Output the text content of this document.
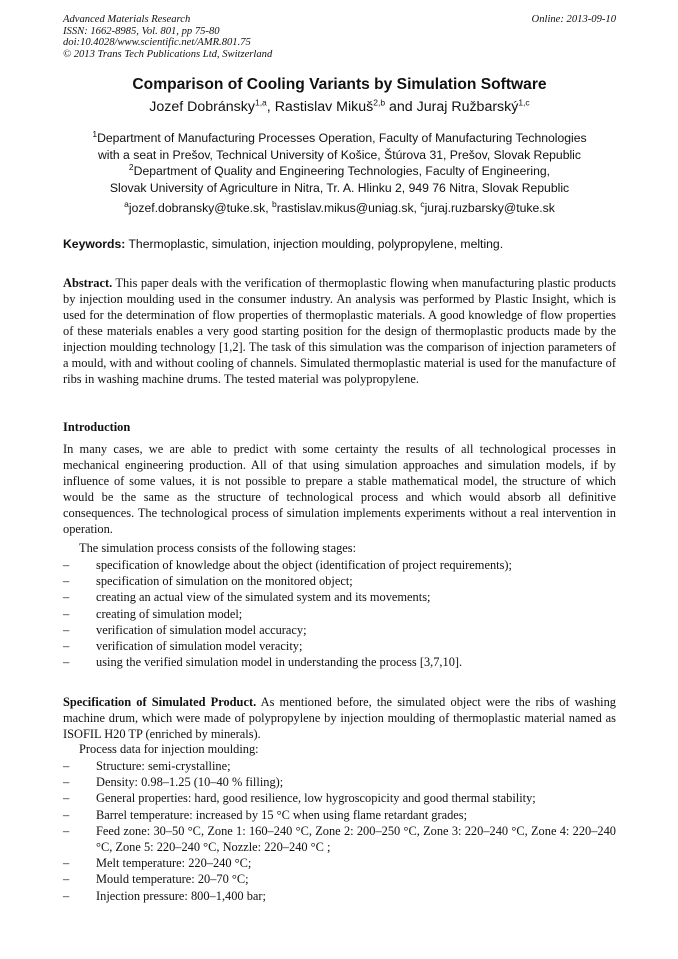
Advanced Materials Research
ISSN: 1662-8985, Vol. 801, pp 75-80
doi:10.4028/www.scientific.net/AMR.801.75
© 2013 Trans Tech Publications Ltd, Switzerland
Online: 2013-09-10
Comparison of Cooling Variants by Simulation Software
Jozef Dobránsky$^{1,a}$, Rastislav Mikuš$^{2,b}$ and Juraj Ružbarský$^{1,c}$
$^1$Department of Manufacturing Processes Operation, Faculty of Manufacturing Technologies
with a seat in Prešov, Technical University of Košice, Štúrova 31, Prešov, Slovak Republic
$^2$Department of Quality and Engineering Technologies, Faculty of Engineering,
Slovak University of Agriculture in Nitra, Tr. A. Hlinku 2, 949 76 Nitra, Slovak Republic
$^a$jozef.dobransky@tuke.sk, $^b$rastislav.mikus@uniag.sk, $^c$juraj.ruzbarsky@tuke.sk
Keywords: Thermoplastic, simulation, injection moulding, polypropylene, melting.
Abstract. This paper deals with the verification of thermoplastic flowing when manufacturing plastic products by injection moulding used in the consumer industry. An analysis was performed by Plastic Insight, which is used for the determination of flow properties of thermoplastic materials. A good knowledge of flow properties of these materials enables a very good starting position for the design of thermoplastic products made by the injection moulding technology [1,2]. The task of this simulation was the comparison of injection parameters of a mould, with and without cooling of channels. Simulated thermoplastic material is used for the manufacture of ribs in washing machine drums. The tested material was polypropylene.
Introduction
In many cases, we are able to predict with some certainty the results of all technological processes in mechanical engineering production. All of that using simulation approaches and simulation models, if by influence of some values, it is not possible to prepare a stable mathematical model, the structure of which would be the same as the structure of technological process and which would absorb all definitive consequences. The technological process of simulation implements experiments without a real intervention in operation.
The simulation process consists of the following stages:
– specification of knowledge about the object (identification of project requirements);
– specification of simulation on the monitored object;
– creating an actual view of the simulated system and its movements;
– creating of simulation model;
– verification of simulation model accuracy;
– verification of simulation model veracity;
– using the verified simulation model in understanding the process [3,7,10].
Specification of Simulated Product. As mentioned before, the simulated object were the ribs of washing machine drum, which were made of polypropylene by injection moulding of thermoplastic material named as ISOFIL H20 TP (enriched by minerals).
Process data for injection moulding:
– Structure: semi-crystalline;
– Density: 0.98–1.25 (10–40 % filling);
– General properties: hard, good resilience, low hygroscopicity and good thermal stability;
– Barrel temperature: increased by 15 °C when using flame retardant grades;
– Feed zone: 30–50 °C, Zone 1: 160–240 °C, Zone 2: 200–250 °C, Zone 3: 220–240 °C, Zone 4: 220–240 °C, Zone 5: 220–240 °C, Nozzle: 220–240 °C ;
– Melt temperature: 220–240 °C;
– Mould temperature: 20–70 °C;
– Injection pressure: 800–1,400 bar;
